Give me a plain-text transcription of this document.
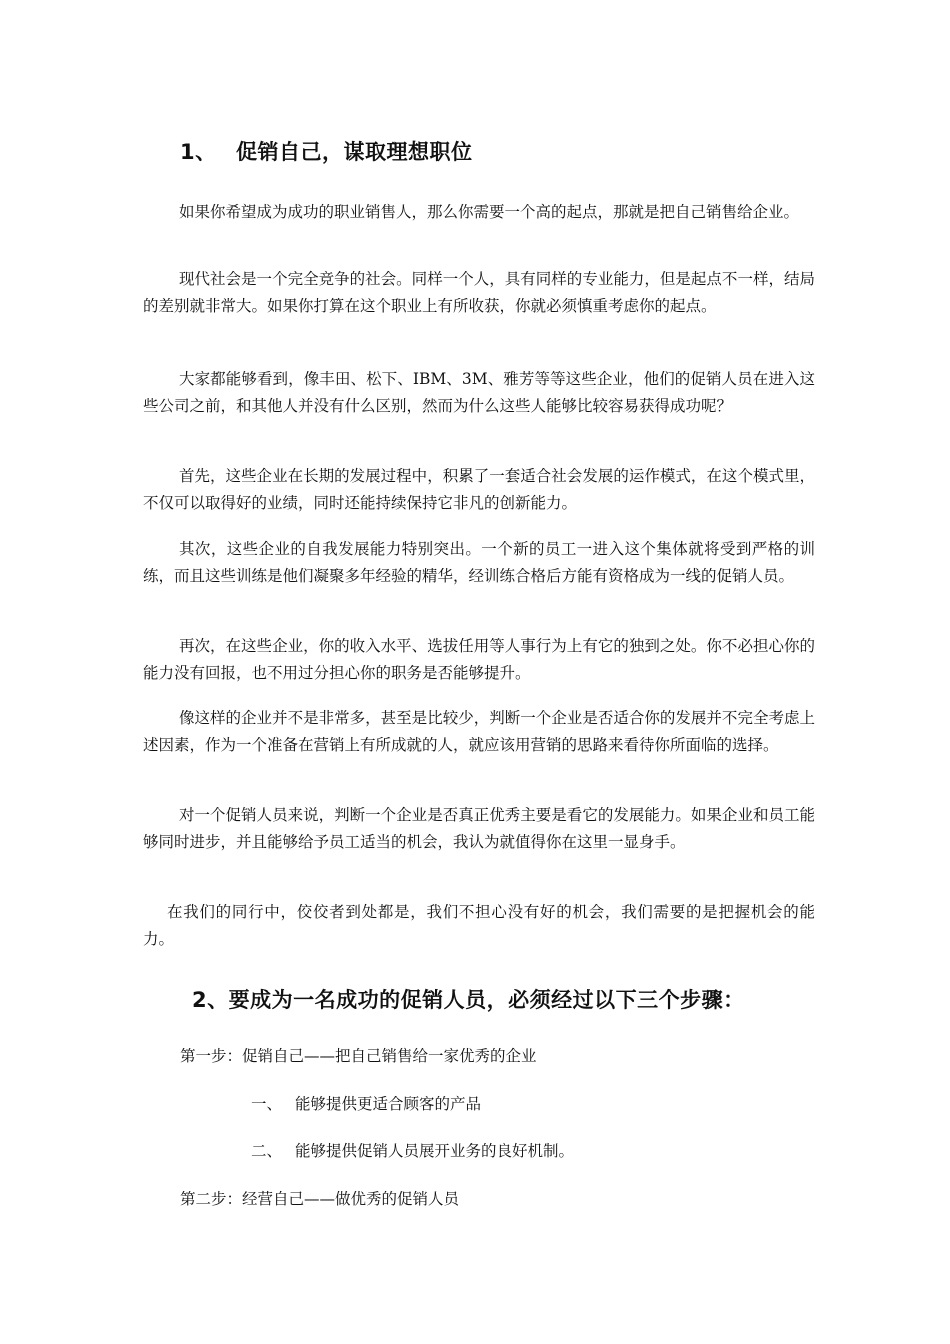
1、 促销自己，谋取理想职位

如果你希望成为成功的职业销售人，那么你需要一个高的起点，那就是把自己销售给企业。

现代社会是一个完全竞争的社会。同样一个人，具有同样的专业能力，但是起点不一样，结局的差别就非常大。如果你打算在这个职业上有所收获，你就必须慎重考虑你的起点。

大家都能够看到，像丰田、松下、IBM、3M、雅芳等等这些企业，他们的促销人员在进入这些公司之前，和其他人并没有什么区别，然而为什么这些人能够比较容易获得成功呢？

首先，这些企业在长期的发展过程中，积累了一套适合社会发展的运作模式，在这个模式里，不仅可以取得好的业绩，同时还能持续保持它非凡的创新能力。

其次，这些企业的自我发展能力特别突出。一个新的员工一进入这个集体就将受到严格的训练，而且这些训练是他们凝聚多年经验的精华，经训练合格后方能有资格成为一线的促销人员。

再次，在这些企业，你的收入水平、选拔任用等人事行为上有它的独到之处。你不必担心你的能力没有回报，也不用过分担心你的职务是否能够提升。

像这样的企业并不是非常多，甚至是比较少，判断一个企业是否适合你的发展并不完全考虑上述因素，作为一个准备在营销上有所成就的人，就应该用营销的思路来看待你所面临的选择。

对一个促销人员来说，判断一个企业是否真正优秀主要是看它的发展能力。如果企业和员工能够同时进步，并且能够给予员工适当的机会，我认为就值得你在这里一显身手。

在我们的同行中，佼佼者到处都是，我们不担心没有好的机会，我们需要的是把握机会的能力。

2、要成为一名成功的促销人员，必须经过以下三个步骤：

第一步：促销自己——把自己销售给一家优秀的企业

一、 能够提供更适合顾客的产品

二、 能够提供促销人员展开业务的良好机制。

第二步：经营自己——做优秀的促销人员
